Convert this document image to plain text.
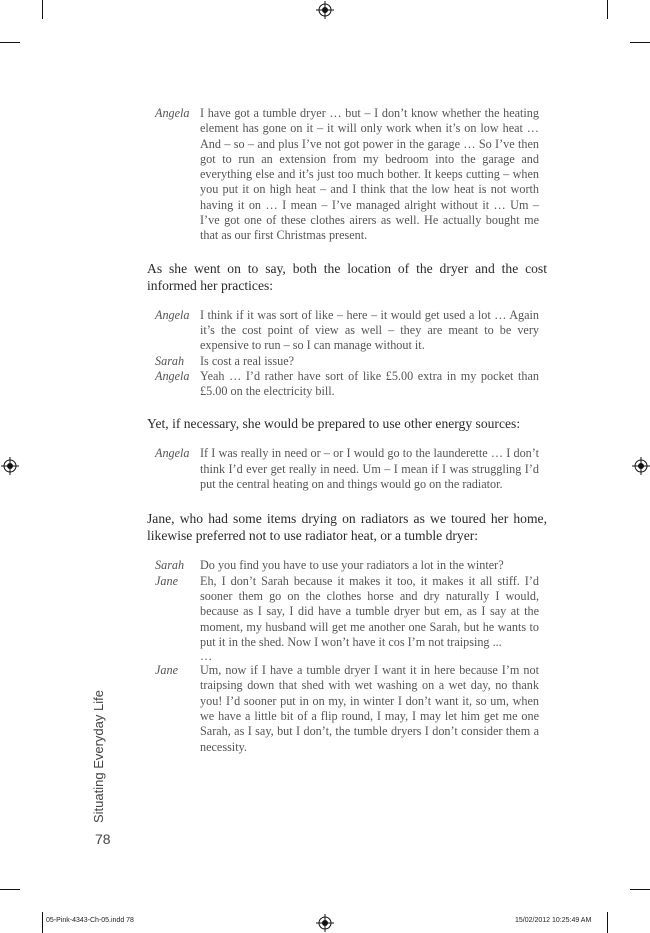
Angela I have got a tumble dryer … but – I don’t know whether the heating element has gone on it – it will only work when it’s on low heat … And – so – and plus I’ve not got power in the garage … So I’ve then got to run an extension from my bedroom into the garage and everything else and it’s just too much bother. It keeps cutting – when you put it on high heat – and I think that the low heat is not worth having it on … I mean – I’ve managed alright without it … Um – I’ve got one of these clothes airers as well. He actually bought me that as our first Christmas present.

As she went on to say, both the location of the dryer and the cost informed her practices:

Angela I think if it was sort of like – here – it would get used a lot … Again it’s the cost point of view as well – they are meant to be very expensive to run – so I can manage without it.
Sarah	Is cost a real issue?
Angela Yeah … I’d rather have sort of like £5.00 extra in my pocket than £5.00 on the electricity bill.

Yet, if necessary, she would be prepared to use other energy sources:

Angela If I was really in need or – or I would go to the launderette … I don’t think I’d ever get really in need. Um – I mean if I was struggling I’d put the central heating on and things would go on the radiator.

Jane, who had some items drying on radiators as we toured her home, likewise preferred not to use radiator heat, or a tumble dryer:

Sarah	Do you find you have to use your radiators a lot in the winter?
Jane	Eh, I don’t Sarah because it makes it too, it makes it all stiff. I’d sooner them go on the clothes horse and dry naturally I would, because as I say, I did have a tumble dryer but em, as I say at the moment, my husband will get me another one Sarah, but he wants to put it in the shed. Now I won’t have it cos I’m not traipsing ...
…
Jane	Um, now if I have a tumble dryer I want it in here because I’m not traipsing down that shed with wet washing on a wet day, no thank you! I’d sooner put in on my, in winter I don’t want it, so um, when we have a little bit of a flip round, I may, I may let him get me one Sarah, as I say, but I don’t, the tumble dryers I don’t consider them a necessity.
Situating Everyday Life
78
05-Pink-4343-Ch-05.indd 78	15/02/2012 10:25:49 AM
